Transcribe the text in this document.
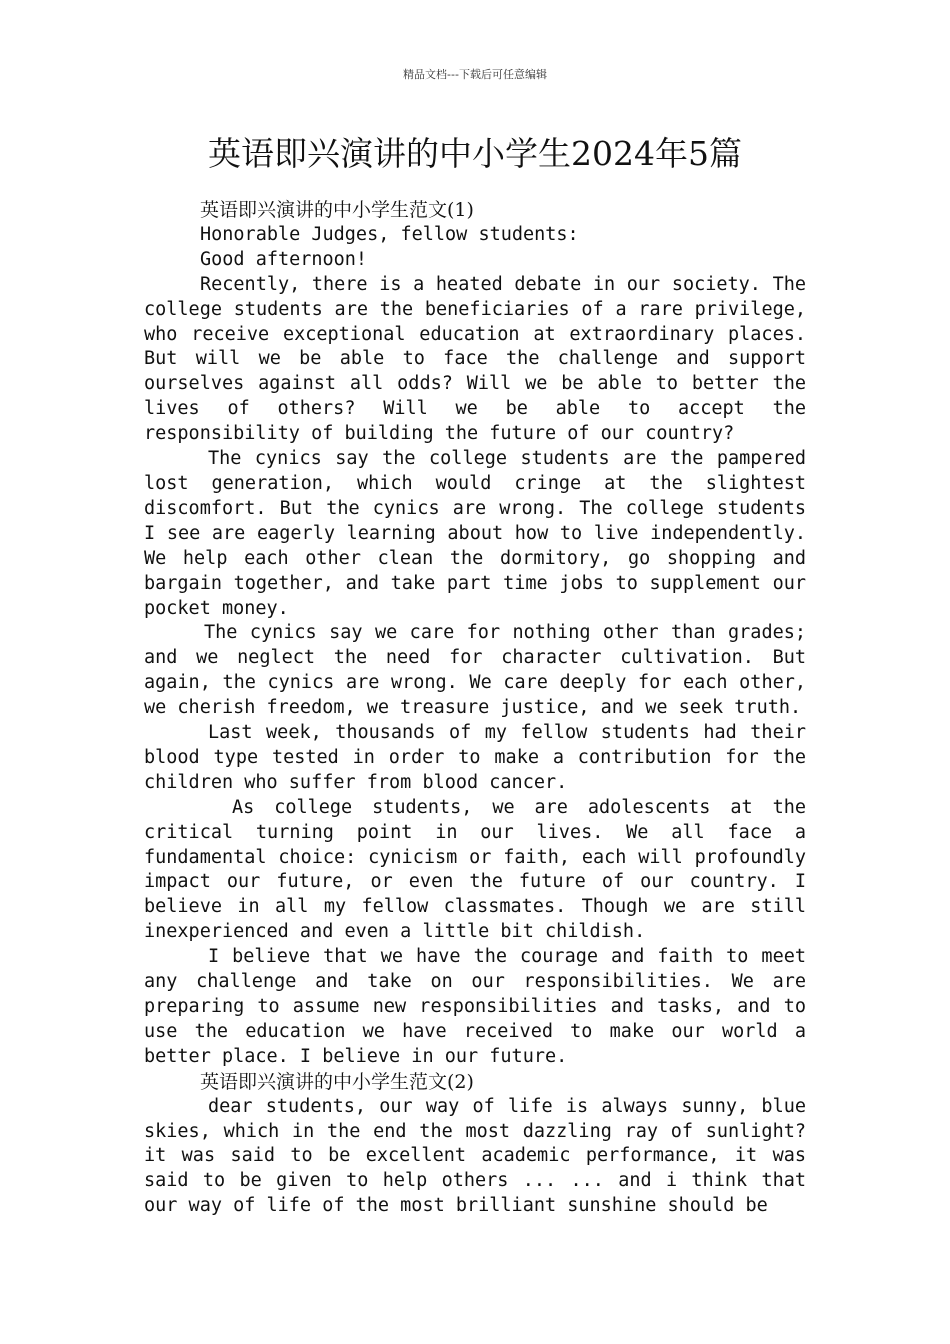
精品文档---下载后可任意编辑
英语即兴演讲的中小学生2024年5篇

英语即兴演讲的中小学生范文(1)

Honorable Judges, fellow students:

Good afternoon!

Recently, there is a heated debate in our society. The college students are the beneficiaries of a rare privilege, who receive exceptional education at extraordinary places. But will we be able to face the challenge and support ourselves against all odds? Will we be able to better the lives of others? Will we be able to accept the responsibility of building the future of our country?

The cynics say the college students are the pampered lost generation, which would cringe at the slightest discomfort. But the cynics are wrong. The college students I see are eagerly learning about how to live independently. We help each other clean the dormitory, go shopping and bargain together, and take part time jobs to supplement our pocket money.

The cynics say we care for nothing other than grades; and we neglect the need for character cultivation. But again, the cynics are wrong. We care deeply for each other, we cherish freedom, we treasure justice, and we seek truth.

Last week, thousands of my fellow students had their blood type tested in order to make a contribution for the children who suffer from blood cancer.

As college students, we are adolescents at the critical turning point in our lives. We all face a fundamental choice: cynicism or faith, each will profoundly impact our future, or even the future of our country. I believe in all my fellow classmates. Though we are still inexperienced and even a little bit childish.

I believe that we have the courage and faith to meet any challenge and take on our responsibilities. We are preparing to assume new responsibilities and tasks, and to use the education we have received to make our world a better place. I believe in our future.

英语即兴演讲的中小学生范文(2)

dear students, our way of life is always sunny, blue skies, which in the end the most dazzling ray of sunlight? it was said to be excellent academic performance, it was said to be given to help others ... ... and i think that our way of life of the most brilliant sunshine should be
